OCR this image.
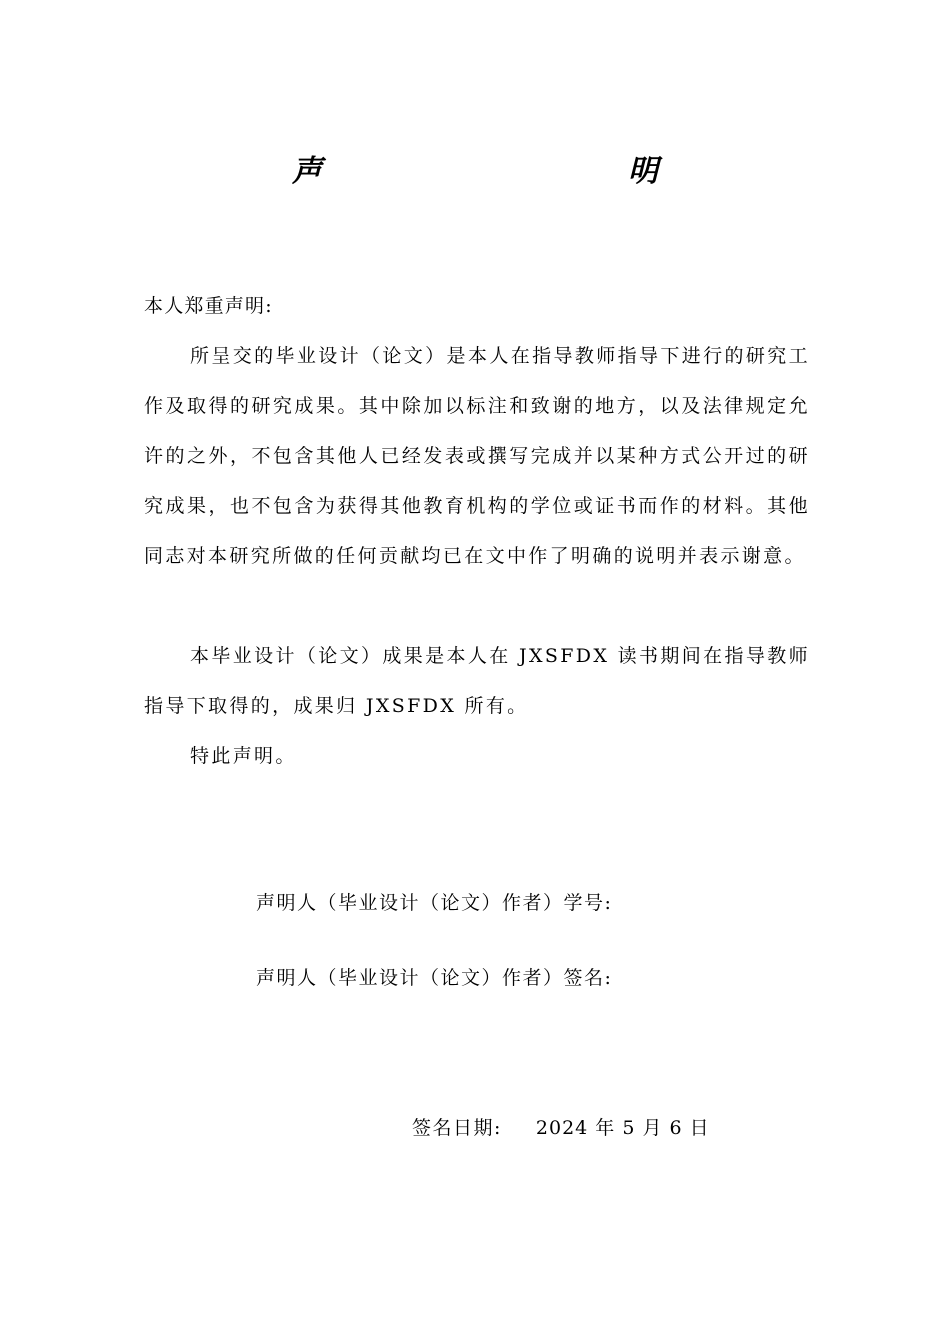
声　　明
本人郑重声明:
所呈交的毕业设计（论文）是本人在指导教师指导下进行的研究工作及取得的研究成果。其中除加以标注和致谢的地方，以及法律规定允许的之外，不包含其他人已经发表或撰写完成并以某种方式公开过的研究成果，也不包含为获得其他教育机构的学位或证书而作的材料。其他同志对本研究所做的任何贡献均已在文中作了明确的说明并表示谢意。
本毕业设计（论文）成果是本人在 JXSFDX 读书期间在指导教师指导下取得的，成果归 JXSFDX 所有。
特此声明。
声明人（毕业设计（论文）作者）学号:
声明人（毕业设计（论文）作者）签名:
签名日期: 2024 年 5 月 6 日
